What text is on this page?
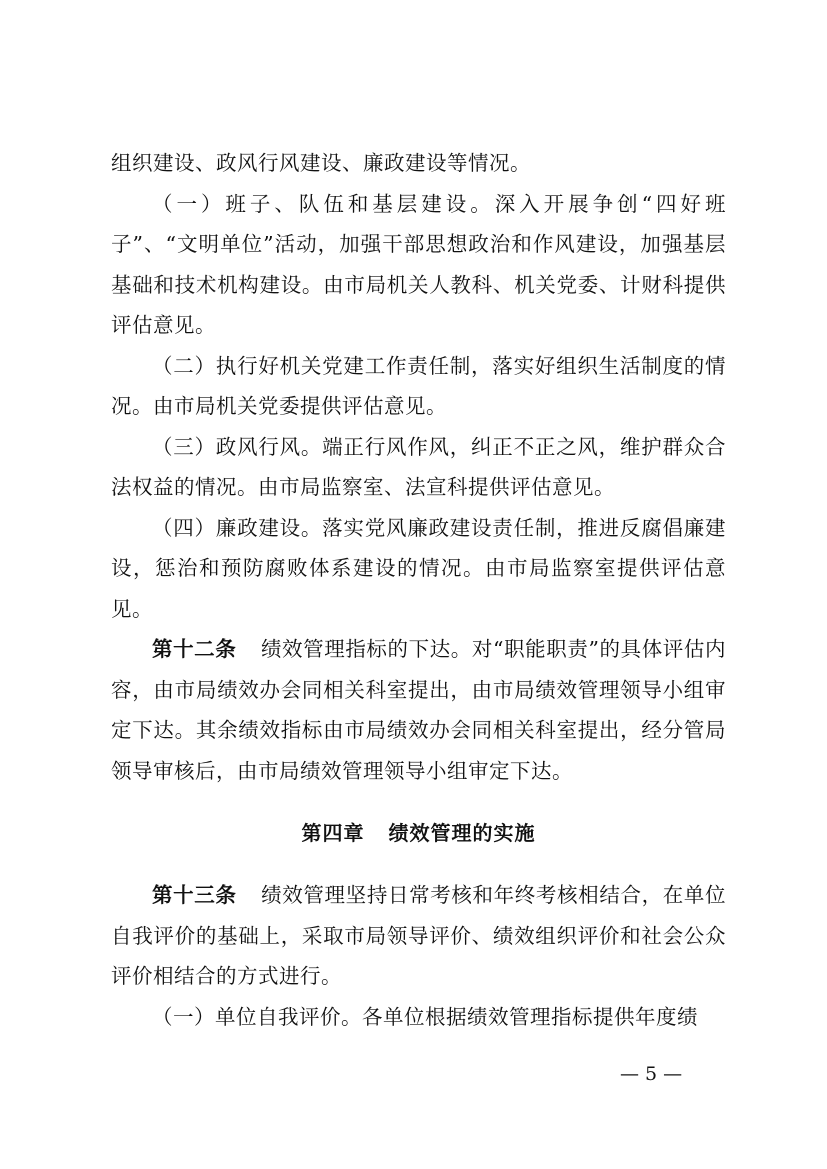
组织建设、政风行风建设、廉政建设等情况。

（一）班子、队伍和基层建设。深入开展争创“四好班子”、“文明单位”活动，加强干部思想政治和作风建设，加强基层基础和技术机构建设。由市局机关人教科、机关党委、计财科提供评估意见。

（二）执行好机关党建工作责任制，落实好组织生活制度的情况。由市局机关党委提供评估意见。

（三）政风行风。端正行风作风，纠正不正之风，维护群众合法权益的情况。由市局监察室、法宣科提供评估意见。

（四）廉政建设。落实党风廉政建设责任制，推进反腐倡廉建设，惩治和预防腐败体系建设的情况。由市局监察室提供评估意见。

第十二条 绩效管理指标的下达。对“职能职责”的具体评估内容，由市局绩效办会同相关科室提出，由市局绩效管理领导小组审定下达。其余绩效指标由市局绩效办会同相关科室提出，经分管局领导审核后，由市局绩效管理领导小组审定下达。

第四章 绩效管理的实施

第十三条 绩效管理坚持日常考核和年终考核相结合，在单位自我评价的基础上，采取市局领导评价、绩效组织评价和社会公众评价相结合的方式进行。

（一）单位自我评价。各单位根据绩效管理指标提供年度绩

— 5 —
